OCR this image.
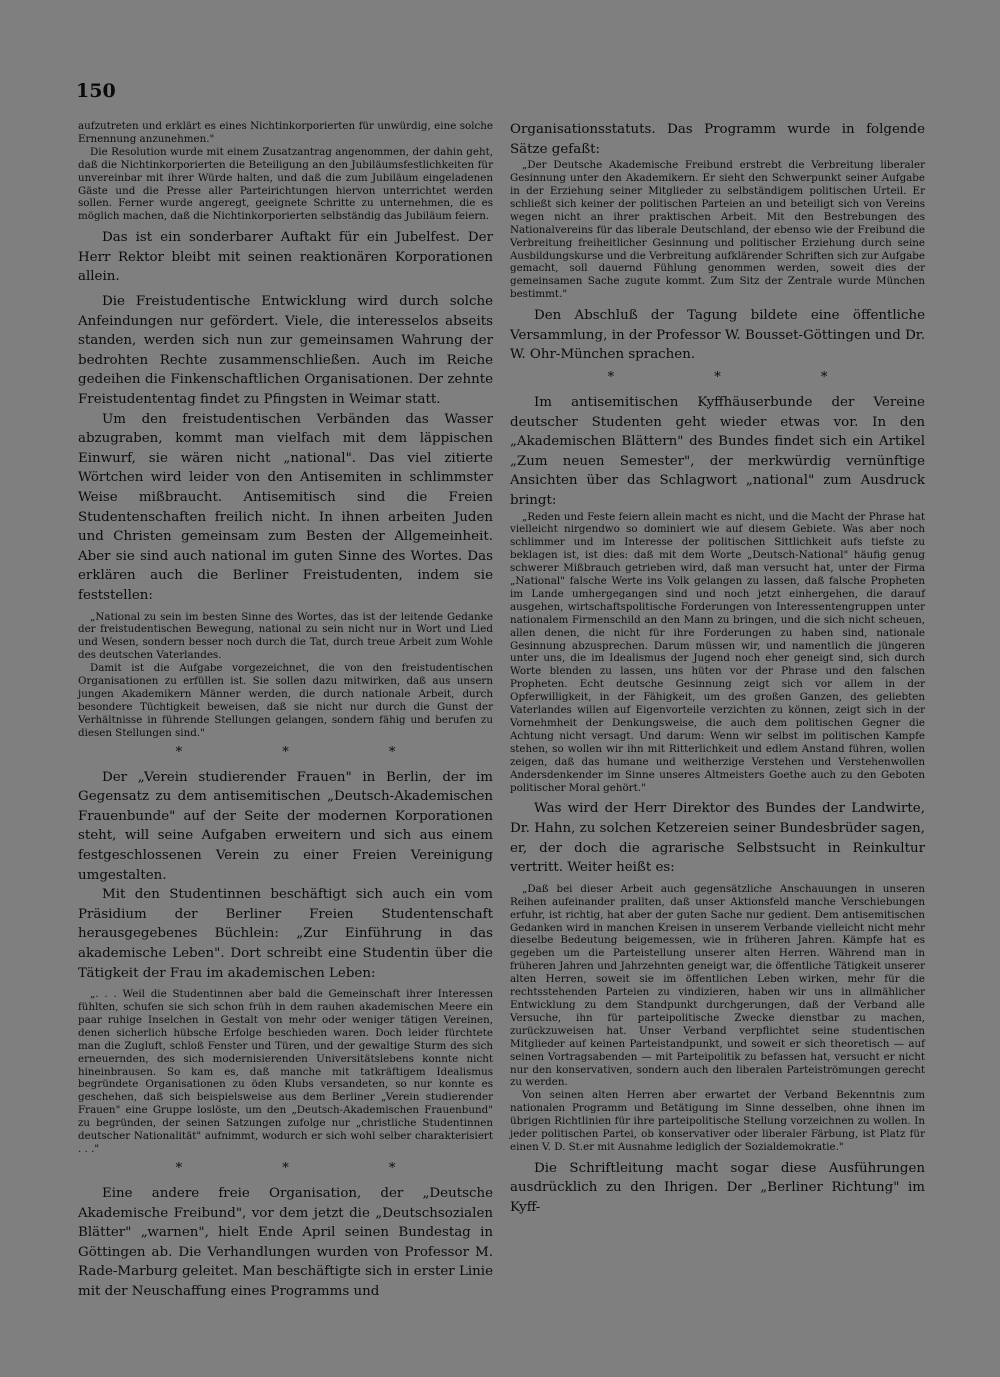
150

aufzutreten und erklärt es eines Nichtinkorporierten für unwürdig, eine solche Ernennung anzunehmen."

Die Resolution wurde mit einem Zusatzantrag angenommen, der dahin geht, daß die Nichtinkorporierten die Beteiligung an den Jubiläumsfestlichkeiten für unvereinbar mit ihrer Würde halten, und daß die zum Jubiläum eingeladenen Gäste und die Presse aller Parteirichtungen hiervon unterrichtet werden sollen. Ferner wurde angeregt, geeignete Schritte zu unternehmen, die es möglich machen, daß die Nichtinkorporierten selbständig das Jubiläum feiern.

Das ist ein sonderbarer Auftakt für ein Jubelfest. Der Herr Rektor bleibt mit seinen reaktionären Korporationen allein.

Die Freistudentische Entwicklung wird durch solche Anfeindungen nur gefördert. Viele, die interesselos abseits standen, werden sich nun zur gemeinsamen Wahrung der bedrohten Rechte zusammenschließen. Auch im Reiche gedeihen die Finkenschaftlichen Organisationen. Der zehnte Freistudententag findet zu Pfingsten in Weimar statt.

Um den freistudentischen Verbänden das Wasser abzugraben, kommt man vielfach mit dem läppischen Einwurf, sie wären nicht „national". Das viel zitierte Wörtchen wird leider von den Antisemiten in schlimmster Weise mißbraucht. Antisemitisch sind die Freien Studentenschaften freilich nicht. In ihnen arbeiten Juden und Christen gemeinsam zum Besten der Allgemeinheit. Aber sie sind auch national im guten Sinne des Wortes. Das erklären auch die Berliner Freistudenten, indem sie feststellen:

„National zu sein im besten Sinne des Wortes, das ist der leitende Gedanke der freistudentischen Bewegung, national zu sein nicht nur in Wort und Lied und Wesen, sondern besser noch durch die Tat, durch treue Arbeit zum Wohle des deutschen Vaterlandes.

Damit ist die Aufgabe vorgezeichnet, die von den freistudentischen Organisationen zu erfüllen ist. Sie sollen dazu mitwirken, daß aus unsern jungen Akademikern Männer werden, die durch nationale Arbeit, durch besondere Tüchtigkeit beweisen, daß sie nicht nur durch die Gunst der Verhältnisse in führende Stellungen gelangen, sondern fähig und berufen zu diesen Stellungen sind."

* * *

Der „Verein studierender Frauen" in Berlin, der im Gegensatz zu dem antisemitischen „Deutsch-Akademischen Frauenbunde" auf der Seite der modernen Korporationen steht, will seine Aufgaben erweitern und sich aus einem festgeschlossenen Verein zu einer Freien Vereinigung umgestalten.

Mit den Studentinnen beschäftigt sich auch ein vom Präsidium der Berliner Freien Studentenschaft herausgegebenes Büchlein: „Zur Einführung in das akademische Leben". Dort schreibt eine Studentin über die Tätigkeit der Frau im akademischen Leben:

„. . . Weil die Studentinnen aber bald die Gemeinschaft ihrer Interessen fühlten, schufen sie sich schon früh in dem rauhen akademischen Meere ein paar ruhige Inselchen in Gestalt von mehr oder weniger tätigen Vereinen, denen sicherlich hübsche Erfolge beschieden waren. Doch leider fürchtete man die Zugluft, schloß Fenster und Türen, und der gewaltige Sturm des sich erneuernden, des sich modernisierenden Universitätslebens konnte nicht hineinbrausen. So kam es, daß manche mit tatkräftigem Idealismus begründete Organisationen zu öden Klubs versandeten, so nur konnte es geschehen, daß sich beispielsweise aus dem Berliner „Verein studierender Frauen" eine Gruppe loslöste, um den „Deutsch-Akademischen Frauenbund" zu begründen, der seinen Satzungen zufolge nur „christliche Studentinnen deutscher Nationalität" aufnimmt, wodurch er sich wohl selber charakterisiert . . ."

* * *

Eine andere freie Organisation, der „Deutsche Akademische Freibund", vor dem jetzt die „Deutschsozialen Blätter" „warnen", hielt Ende April seinen Bundestag in Göttingen ab. Die Verhandlungen wurden von Professor M. Rade-Marburg geleitet. Man beschäftigte sich in erster Linie mit der Neuschaffung eines Programms und

Organisationsstatuts. Das Programm wurde in folgende Sätze gefaßt:

„Der Deutsche Akademische Freibund erstrebt die Verbreitung liberaler Gesinnung unter den Akademikern. Er sieht den Schwerpunkt seiner Aufgabe in der Erziehung seiner Mitglieder zu selbständigem politischen Urteil. Er schließt sich keiner der politischen Parteien an und beteiligt sich von Vereins wegen nicht an ihrer praktischen Arbeit. Mit den Bestrebungen des Nationalvereins für das liberale Deutschland, der ebenso wie der Freibund die Verbreitung freiheitlicher Gesinnung und politischer Erziehung durch seine Ausbildungskurse und die Verbreitung aufklärender Schriften sich zur Aufgabe gemacht, soll dauernd Fühlung genommen werden, soweit dies der gemeinsamen Sache zugute kommt. Zum Sitz der Zentrale wurde München bestimmt."

Den Abschluß der Tagung bildete eine öffentliche Versammlung, in der Professor W. Bousset-Göttingen und Dr. W. Ohr-München sprachen.

* * *

Im antisemitischen Kyffhäuserbunde der Vereine deutscher Studenten geht wieder etwas vor. In den „Akademischen Blättern" des Bundes findet sich ein Artikel „Zum neuen Semester", der merkwürdig vernünftige Ansichten über das Schlagwort „national" zum Ausdruck bringt:

„Reden und Feste feiern allein macht es nicht, und die Macht der Phrase hat vielleicht nirgendwo so dominiert wie auf diesem Gebiete. Was aber noch schlimmer und im Interesse der politischen Sittlichkeit aufs tiefste zu beklagen ist, ist dies: daß mit dem Worte „Deutsch-National" häufig genug schwerer Mißbrauch getrieben wird, daß man versucht hat, unter der Firma „National" falsche Werte ins Volk gelangen zu lassen, daß falsche Propheten im Lande umhergegangen sind und noch jetzt einhergehen, die darauf ausgehen, wirtschaftspolitische Forderungen von Interessentengruppen unter nationalem Firmenschild an den Mann zu bringen, und die sich nicht scheuen, allen denen, die nicht für ihre Forderungen zu haben sind, nationale Gesinnung abzusprechen. Darum müssen wir, und namentlich die jüngeren unter uns, die im Idealismus der Jugend noch eher geneigt sind, sich durch Worte blenden zu lassen, uns hüten vor der Phrase und den falschen Propheten. Echt deutsche Gesinnung zeigt sich vor allem in der Opferwilligkeit, in der Fähigkeit, um des großen Ganzen, des geliebten Vaterlandes willen auf Eigenvorteile verzichten zu können, zeigt sich in der Vornehmheit der Denkungsweise, die auch dem politischen Gegner die Achtung nicht versagt. Und darum: Wenn wir selbst im politischen Kampfe stehen, so wollen wir ihn mit Ritterlichkeit und edlem Anstand führen, wollen zeigen, daß das humane und weitherzige Verstehen und Verstehenwollen Andersdenkender im Sinne unseres Altmeisters Goethe auch zu den Geboten politischer Moral gehört."

Was wird der Herr Direktor des Bundes der Landwirte, Dr. Hahn, zu solchen Ketzereien seiner Bundesbrüder sagen, er, der doch die agrarische Selbstsucht in Reinkultur vertritt. Weiter heißt es:

„Daß bei dieser Arbeit auch gegensätzliche Anschauungen in unseren Reihen aufeinander prallten, daß unser Aktionsfeld manche Verschiebungen erfuhr, ist richtig, hat aber der guten Sache nur gedient. Dem antisemitischen Gedanken wird in manchen Kreisen in unserem Verbande vielleicht nicht mehr dieselbe Bedeutung beigemessen, wie in früheren Jahren. Kämpfe hat es gegeben um die Parteistellung unserer alten Herren. Während man in früheren Jahren und Jahrzehnten geneigt war, die öffentliche Tätigkeit unserer alten Herren, soweit sie im öffentlichen Leben wirken, mehr für die rechtsstehenden Parteien zu vindizieren, haben wir uns in allmählicher Entwicklung zu dem Standpunkt durchgerungen, daß der Verband alle Versuche, ihn für parteipolitische Zwecke dienstbar zu machen, zurückzuweisen hat. Unser Verband verpflichtet seine studentischen Mitglieder auf keinen Parteistandpunkt, und soweit er sich theoretisch — auf seinen Vortragsabenden — mit Parteipolitik zu befassen hat, versucht er nicht nur den konservativen, sondern auch den liberalen Parteiströmungen gerecht zu werden.

Von seinen alten Herren aber erwartet der Verband Bekenntnis zum nationalen Programm und Betätigung im Sinne desselben, ohne ihnen im übrigen Richtlinien für ihre parteipolitische Stellung vorzeichnen zu wollen. In jeder politischen Partei, ob konservativer oder liberaler Färbung, ist Platz für einen V. D. St.er mit Ausnahme lediglich der Sozialdemokratie."

Die Schriftleitung macht sogar diese Ausführungen ausdrücklich zu den Ihrigen. Der „Berliner Richtung" im Kyff-
